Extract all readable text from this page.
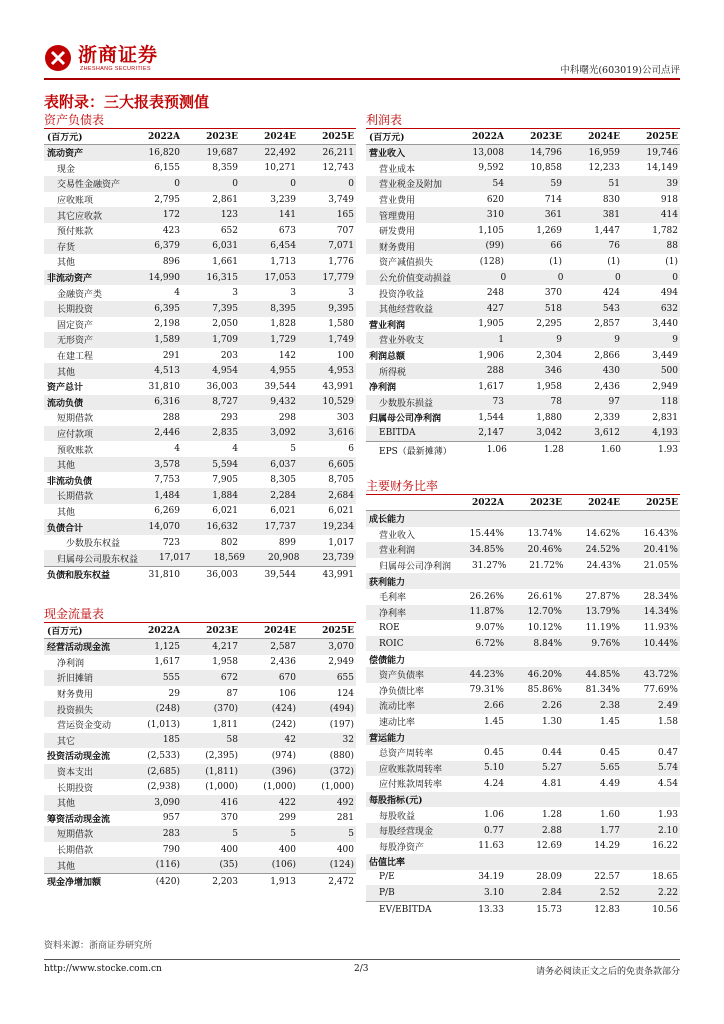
浙商证券
ZHESHANG SECURITIES	中科曙光(603019)公司点评
表附录：三大报表预测值
资产负债表
(百万元)	2022A	2023E	2024E	2025E
流动资产	16,820	19,687	22,492	26,211
现金	6,155	8,359	10,271	12,743
交易性金融资产	0	0	0	0
应收账项	2,795	2,861	3,239	3,749
其它应收款	172	123	141	165
预付账款	423	652	673	707
存货	6,379	6,031	6,454	7,071
其他	896	1,661	1,713	1,776
非流动资产	14,990	16,315	17,053	17,779
金融资产类	4	3	3	3
长期投资	6,395	7,395	8,395	9,395
固定资产	2,198	2,050	1,828	1,580
无形资产	1,589	1,709	1,729	1,749
在建工程	291	203	142	100
其他	4,513	4,954	4,955	4,953
资产总计	31,810	36,003	39,544	43,991
流动负债	6,316	8,727	9,432	10,529
短期借款	288	293	298	303
应付款项	2,446	2,835	3,092	3,616
预收账款	4	4	5	6
其他	3,578	5,594	6,037	6,605
非流动负债	7,753	7,905	8,305	8,705
长期借款	1,484	1,884	2,284	2,684
其他	6,269	6,021	6,021	6,021
负债合计	14,070	16,632	17,737	19,234
少数股东权益	723	802	899	1,017
归属母公司股东权益	17,017	18,569	20,908	23,739
负债和股东权益	31,810	36,003	39,544	43,991
现金流量表
(百万元)	2022A	2023E	2024E	2025E
经营活动现金流	1,125	4,217	2,587	3,070
净利润	1,617	1,958	2,436	2,949
折旧摊销	555	672	670	655
财务费用	29	87	106	124
投资损失	(248)	(370)	(424)	(494)
营运资金变动	(1,013)	1,811	(242)	(197)
其它	185	58	42	32
投资活动现金流	(2,533)	(2,395)	(974)	(880)
资本支出	(2,685)	(1,811)	(396)	(372)
长期投资	(2,938)	(1,000)	(1,000)	(1,000)
其他	3,090	416	422	492
筹资活动现金流	957	370	299	281
短期借款	283	5	5	5
长期借款	790	400	400	400
其他	(116)	(35)	(106)	(124)
现金净增加额	(420)	2,203	1,913	2,472
利润表
(百万元)	2022A	2023E	2024E	2025E
营业收入	13,008	14,796	16,959	19,746
营业成本	9,592	10,858	12,233	14,149
营业税金及附加	54	59	51	39
营业费用	620	714	830	918
管理费用	310	361	381	414
研发费用	1,105	1,269	1,447	1,782
财务费用	(99)	66	76	88
资产减值损失	(128)	(1)	(1)	(1)
公允价值变动损益	0	0	0	0
投资净收益	248	370	424	494
其他经营收益	427	518	543	632
营业利润	1,905	2,295	2,857	3,440
营业外收支	1	9	9	9
利润总额	1,906	2,304	2,866	3,449
所得税	288	346	430	500
净利润	1,617	1,958	2,436	2,949
少数股东损益	73	78	97	118
归属母公司净利润	1,544	1,880	2,339	2,831
EBITDA	2,147	3,042	3,612	4,193
EPS（最新摊薄）	1.06	1.28	1.60	1.93
主要财务比率
2022A	2023E	2024E	2025E
成长能力
营业收入	15.44%	13.74%	14.62%	16.43%
营业利润	34.85%	20.46%	24.52%	20.41%
归属母公司净利润	31.27%	21.72%	24.43%	21.05%
获利能力
毛利率	26.26%	26.61%	27.87%	28.34%
净利率	11.87%	12.70%	13.79%	14.34%
ROE	9.07%	10.12%	11.19%	11.93%
ROIC	6.72%	8.84%	9.76%	10.44%
偿债能力
资产负债率	44.23%	46.20%	44.85%	43.72%
净负债比率	79.31%	85.86%	81.34%	77.69%
流动比率	2.66	2.26	2.38	2.49
速动比率	1.45	1.30	1.45	1.58
营运能力
总资产周转率	0.45	0.44	0.45	0.47
应收账款周转率	5.10	5.27	5.65	5.74
应付账款周转率	4.24	4.81	4.49	4.54
每股指标(元)
每股收益	1.06	1.28	1.60	1.93
每股经营现金	0.77	2.88	1.77	2.10
每股净资产	11.63	12.69	14.29	16.22
估值比率
P/E	34.19	28.09	22.57	18.65
P/B	3.10	2.84	2.52	2.22
EV/EBITDA	13.33	15.73	12.83	10.56
资料来源：浙商证券研究所
http://www.stocke.com.cn	2/3	请务必阅读正文之后的免责条款部分
